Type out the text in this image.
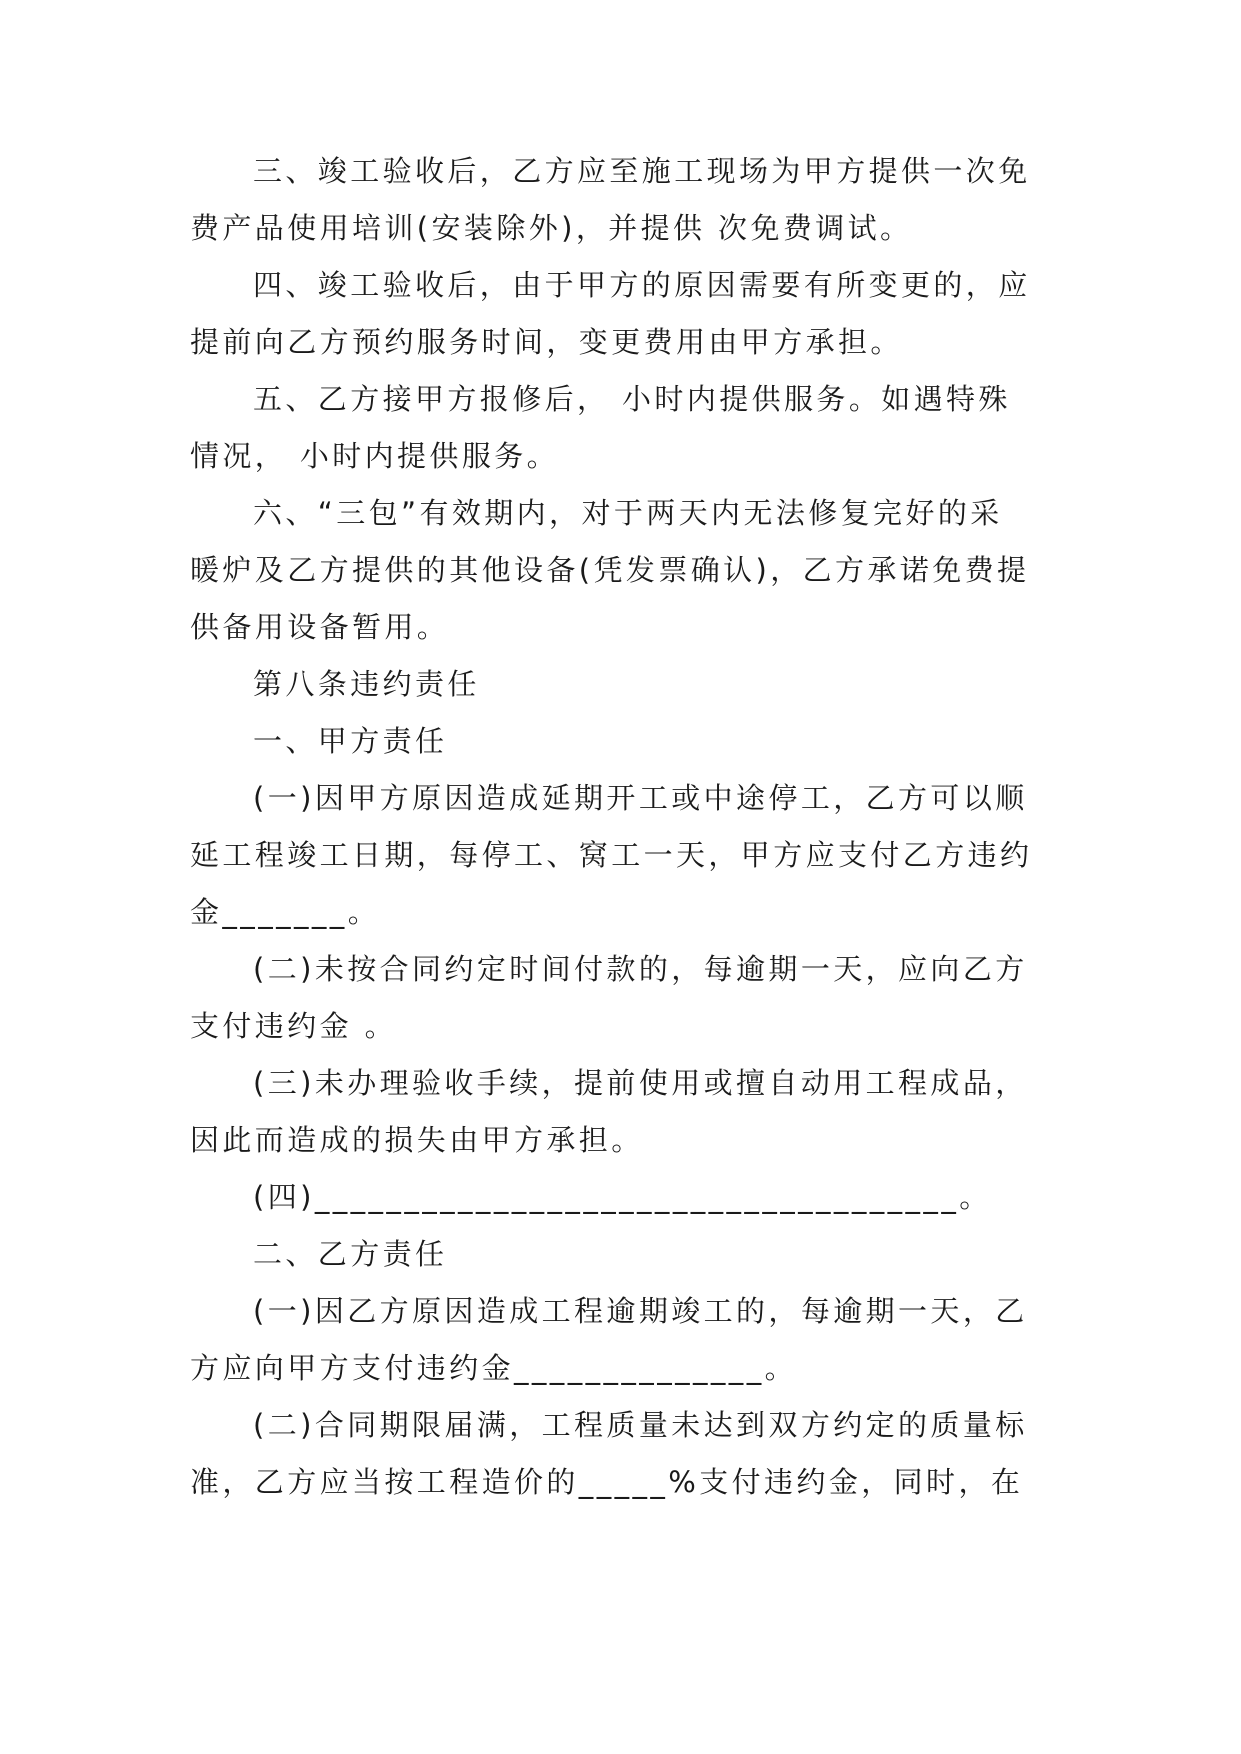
三、竣工验收后，乙方应至施工现场为甲方提供一次免

费产品使用培训(安装除外)，并提供 次免费调试。

四、竣工验收后，由于甲方的原因需要有所变更的，应

提前向乙方预约服务时间，变更费用由甲方承担。

五、乙方接甲方报修后， 小时内提供服务。如遇特殊

情况， 小时内提供服务。

六、“三包”有效期内，对于两天内无法修复完好的采

暖炉及乙方提供的其他设备(凭发票确认)，乙方承诺免费提

供备用设备暂用。

第八条违约责任

一、甲方责任

(一)因甲方原因造成延期开工或中途停工，乙方可以顺

延工程竣工日期，每停工、窝工一天，甲方应支付乙方违约

金_______。

(二)未按合同约定时间付款的，每逾期一天，应向乙方

支付违约金 。

(三)未办理验收手续，提前使用或擅自动用工程成品，

因此而造成的损失由甲方承担。

(四)____________________________________。

二、乙方责任

(一)因乙方原因造成工程逾期竣工的，每逾期一天，乙

方应向甲方支付违约金______________。

(二)合同期限届满，工程质量未达到双方约定的质量标

准，乙方应当按工程造价的_____%支付违约金，同时，在
